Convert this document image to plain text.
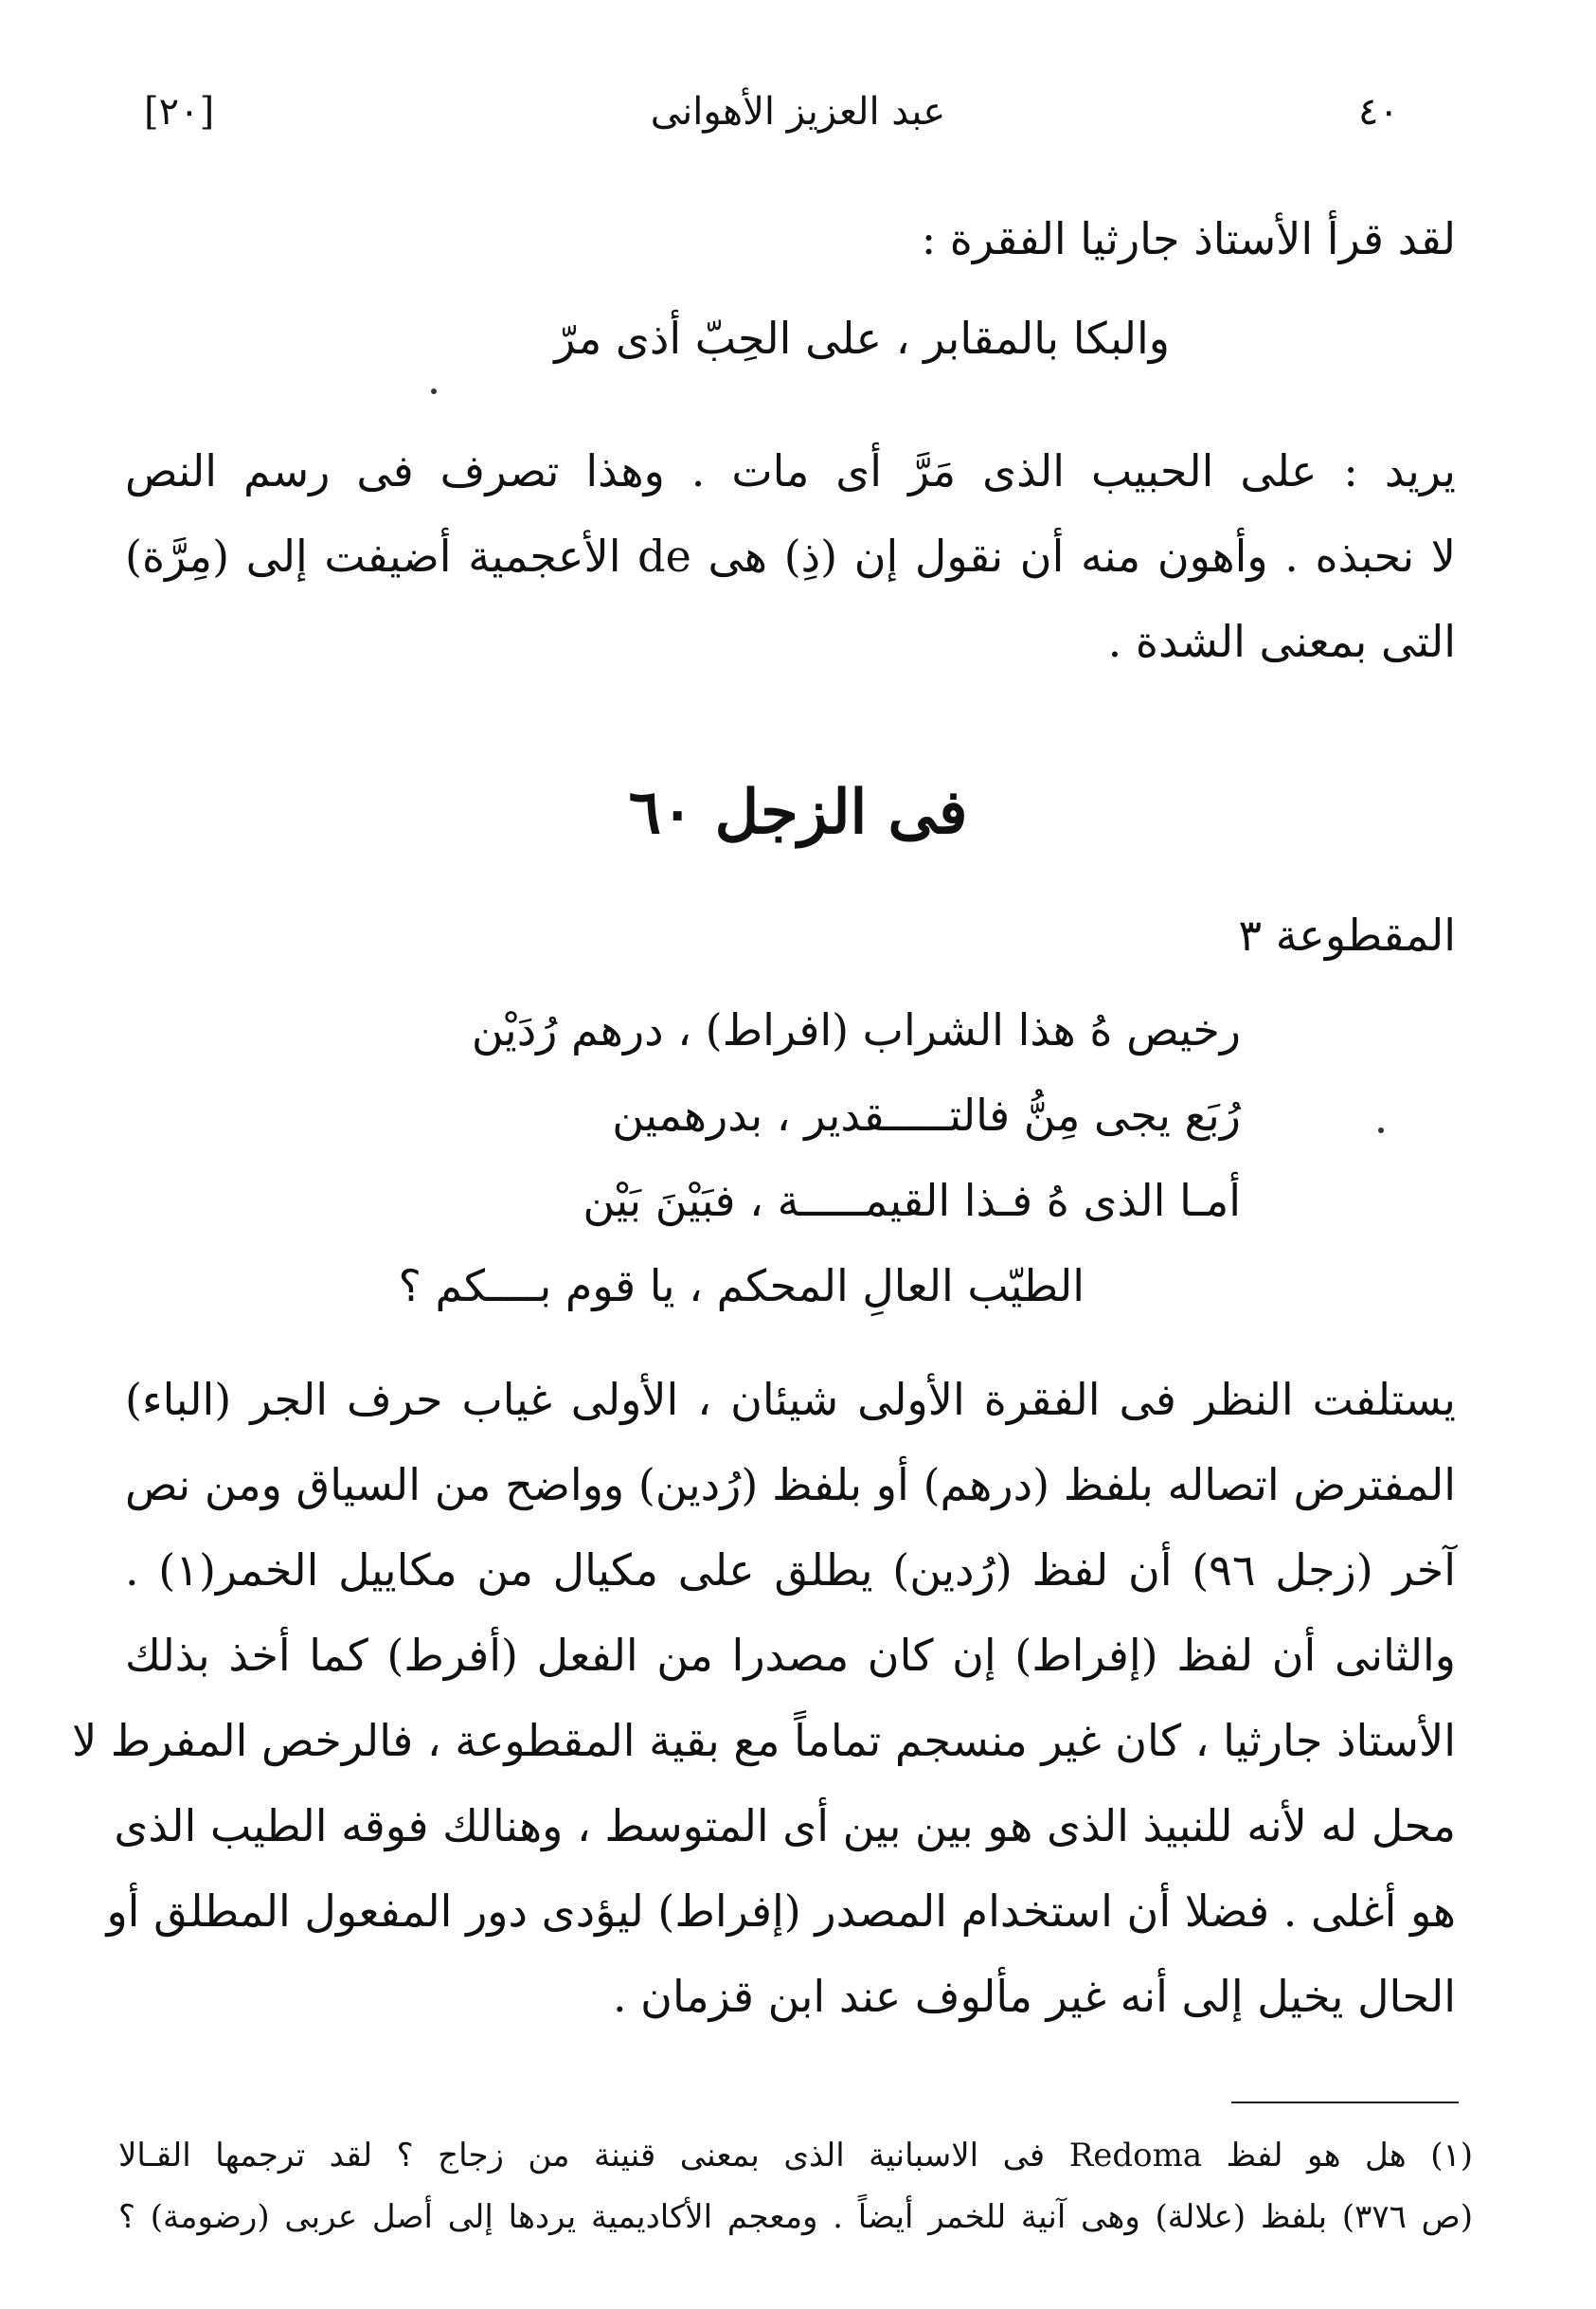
[٢٠]	عبد العزيز الأهوانى	٤٠
لقد قرأ الأستاذ جارثيا الفقرة :
والبكا بالمقابر ، على الحِبّ أذى مرّ
يريد : على الحبيب الذى مَرَّ أى مات . وهذا تصرف فى رسم النص
لا نحبذه . وأهون منه أن نقول إن (ذِ) هى de الأعجمية أضيفت إلى (مِرَّة)
التى بمعنى الشدة .
فى الزجل ٦٠
المقطوعة ٣
رخيص هُ هذا الشراب (افراط) ، درهم رُدَيْن
رُبَع يجى مِنُّ فالتـــــقدير ، بدرهمين
أمـا الذى هُ فـذا القيمـــــة ، فبَيْنَ بَيْن
الطيّب العالِ المحكم ، يا قوم بــــكم ؟
يستلفت النظر فى الفقرة الأولى شيئان ، الأولى غياب حرف الجر (الباء)
المفترض اتصاله بلفظ (درهم) أو بلفظ (رُدين) وواضح من السياق ومن نص
آخر (زجل ٩٦) أن لفظ (رُدين) يطلق على مكيال من مكاييل الخمر(١) .
والثانى أن لفظ (إفراط) إن كان مصدرا من الفعل (أفرط) كما أخذ بذلك
الأستاذ جارثيا ، كان غير منسجم تماماً مع بقية المقطوعة ، فالرخص المفرط لا
محل له لأنه للنبيذ الذى هو بين بين أى المتوسط ، وهنالك فوقه الطيب الذى
هو أغلى . فضلا أن استخدام المصدر (إفراط) ليؤدى دور المفعول المطلق أو
الحال يخيل إلى أنه غير مألوف عند ابن قزمان .
(١) هل هو لفظ Redoma فى الاسبانية الذى بمعنى قنينة من زجاج ؟ لقد ترجمها القـالا
(ص ٣٧٦) بلفظ (علالة) وهى آنية للخمر أيضاً . ومعجم الأكاديمية يردها إلى أصل عربى (رضومة) ؟
